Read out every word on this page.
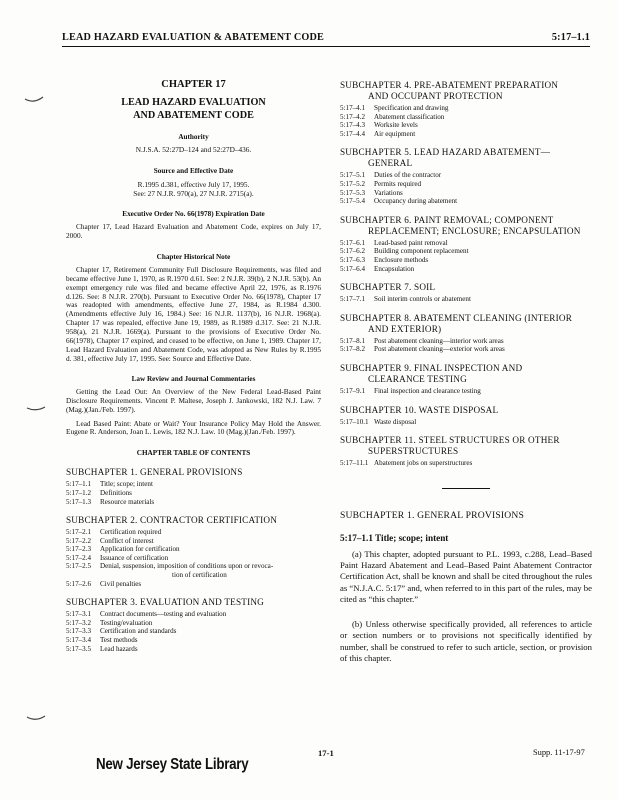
LEAD HAZARD EVALUATION & ABATEMENT CODE	5:17–1.1
CHAPTER 17
LEAD HAZARD EVALUATION
AND ABATEMENT CODE
Authority
N.J.S.A. 52:27D–124 and 52:27D–436.
Source and Effective Date
R.1995 d.381, effective July 17, 1995.
See: 27 N.J.R. 970(a), 27 N.J.R. 2715(a).
Executive Order No. 66(1978) Expiration Date

Chapter 17, Lead Hazard Evaluation and Abatement Code, expires on July 17, 2000.

Chapter Historical Note

Chapter 17, Retirement Community Full Disclosure Requirements, was filed and became effective June 1, 1970, as R.1970 d.61. See: 2 N.J.R. 39(b), 2 N.J.R. 53(b). An exempt emergency rule was filed and became effective April 22, 1976, as R.1976 d.126. See: 8 N.J.R. 270(b). Pursuant to Executive Order No. 66(1978), Chapter 17 was readopted with amendments, effective June 27, 1984, as R.1984 d.300. (Amendments effective July 16, 1984.) See: 16 N.J.R. 1137(b), 16 N.J.R. 1968(a). Chapter 17 was repealed, effective June 19, 1989, as R.1989 d.317. See: 21 N.J.R. 958(a), 21 N.J.R. 1669(a). Pursuant to the provisions of Executive Order No. 66(1978), Chapter 17 expired, and ceased to be effective, on June 1, 1989. Chapter 17, Lead Hazard Evaluation and Abatement Code, was adopted as New Rules by R.1995 d. 381, effective July 17, 1995. See: Source and Effective Date.

Law Review and Journal Commentaries

Getting the Lead Out: An Overview of the New Federal Lead-Based Paint Disclosure Requirements. Vincent P. Maltese, Joseph J. Jankowski, 182 N.J. Law. 7 (Mag.)(Jan./Feb. 1997).

Lead Based Paint: Abate or Wait? Your Insurance Policy May Hold the Answer. Eugene R. Anderson, Joan L. Lewis, 182 N.J. Law. 10 (Mag.)(Jan./Feb. 1997).

CHAPTER TABLE OF CONTENTS
SUBCHAPTER 1. GENERAL PROVISIONS
5:17–1.1 Title; scope; intent
5:17–1.2 Definitions
5:17–1.3 Resource materials
SUBCHAPTER 2. CONTRACTOR CERTIFICATION
5:17–2.1 Certification required
5:17–2.2 Conflict of interest
5:17–2.3 Application for certification
5:17–2.4 Issuance of certification
5:17–2.5 Denial, suspension, imposition of conditions upon or revoca-
tion of certification
5:17–2.6 Civil penalties
SUBCHAPTER 3. EVALUATION AND TESTING
5:17–3.1 Contract documents—testing and evaluation
5:17–3.2 Testing/evaluation
5:17–3.3 Certification and standards
5:17–3.4 Test methods
5:17–3.5 Lead hazards
SUBCHAPTER 4. PRE-ABATEMENT PREPARATION
AND OCCUPANT PROTECTION
5:17–4.1 Specification and drawing
5:17–4.2 Abatement classification
5:17–4.3 Worksite levels
5:17–4.4 Air equipment
SUBCHAPTER 5. LEAD HAZARD ABATEMENT—
GENERAL
5:17–5.1 Duties of the contractor
5:17–5.2 Permits required
5:17–5.3 Variations
5:17–5.4 Occupancy during abatement
SUBCHAPTER 6. PAINT REMOVAL; COMPONENT
REPLACEMENT; ENCLOSURE; ENCAPSULATION
5:17–6.1 Lead-based paint removal
5:17–6.2 Building component replacement
5:17–6.3 Enclosure methods
5:17–6.4 Encapsulation
SUBCHAPTER 7. SOIL
5:17–7.1 Soil interim controls or abatement
SUBCHAPTER 8. ABATEMENT CLEANING (INTERIOR
AND EXTERIOR)
5:17–8.1 Post abatement cleaning—interior work areas
5:17–8.2 Post abatement cleaning—exterior work areas
SUBCHAPTER 9. FINAL INSPECTION AND
CLEARANCE TESTING
5:17–9.1 Final inspection and clearance testing
SUBCHAPTER 10. WASTE DISPOSAL
5:17–10.1 Waste disposal
SUBCHAPTER 11. STEEL STRUCTURES OR OTHER
SUPERSTRUCTURES
5:17–11.1 Abatement jobs on superstructures
SUBCHAPTER 1. GENERAL PROVISIONS
5:17–1.1 Title; scope; intent

(a) This chapter, adopted pursuant to P.L. 1993, c.288, Lead–Based Paint Hazard Abatement and Lead–Based Paint Abatement Contractor Certification Act, shall be known and shall be cited throughout the rules as “N.J.A.C. 5:17” and, when referred to in this part of the rules, may be cited as “this chapter.”

(b) Unless otherwise specifically provided, all references to article or section numbers or to provisions not specifically identified by number, shall be construed to refer to such article, section, or provision of this chapter.

17-1	Supp. 11-17-97
New Jersey State Library
